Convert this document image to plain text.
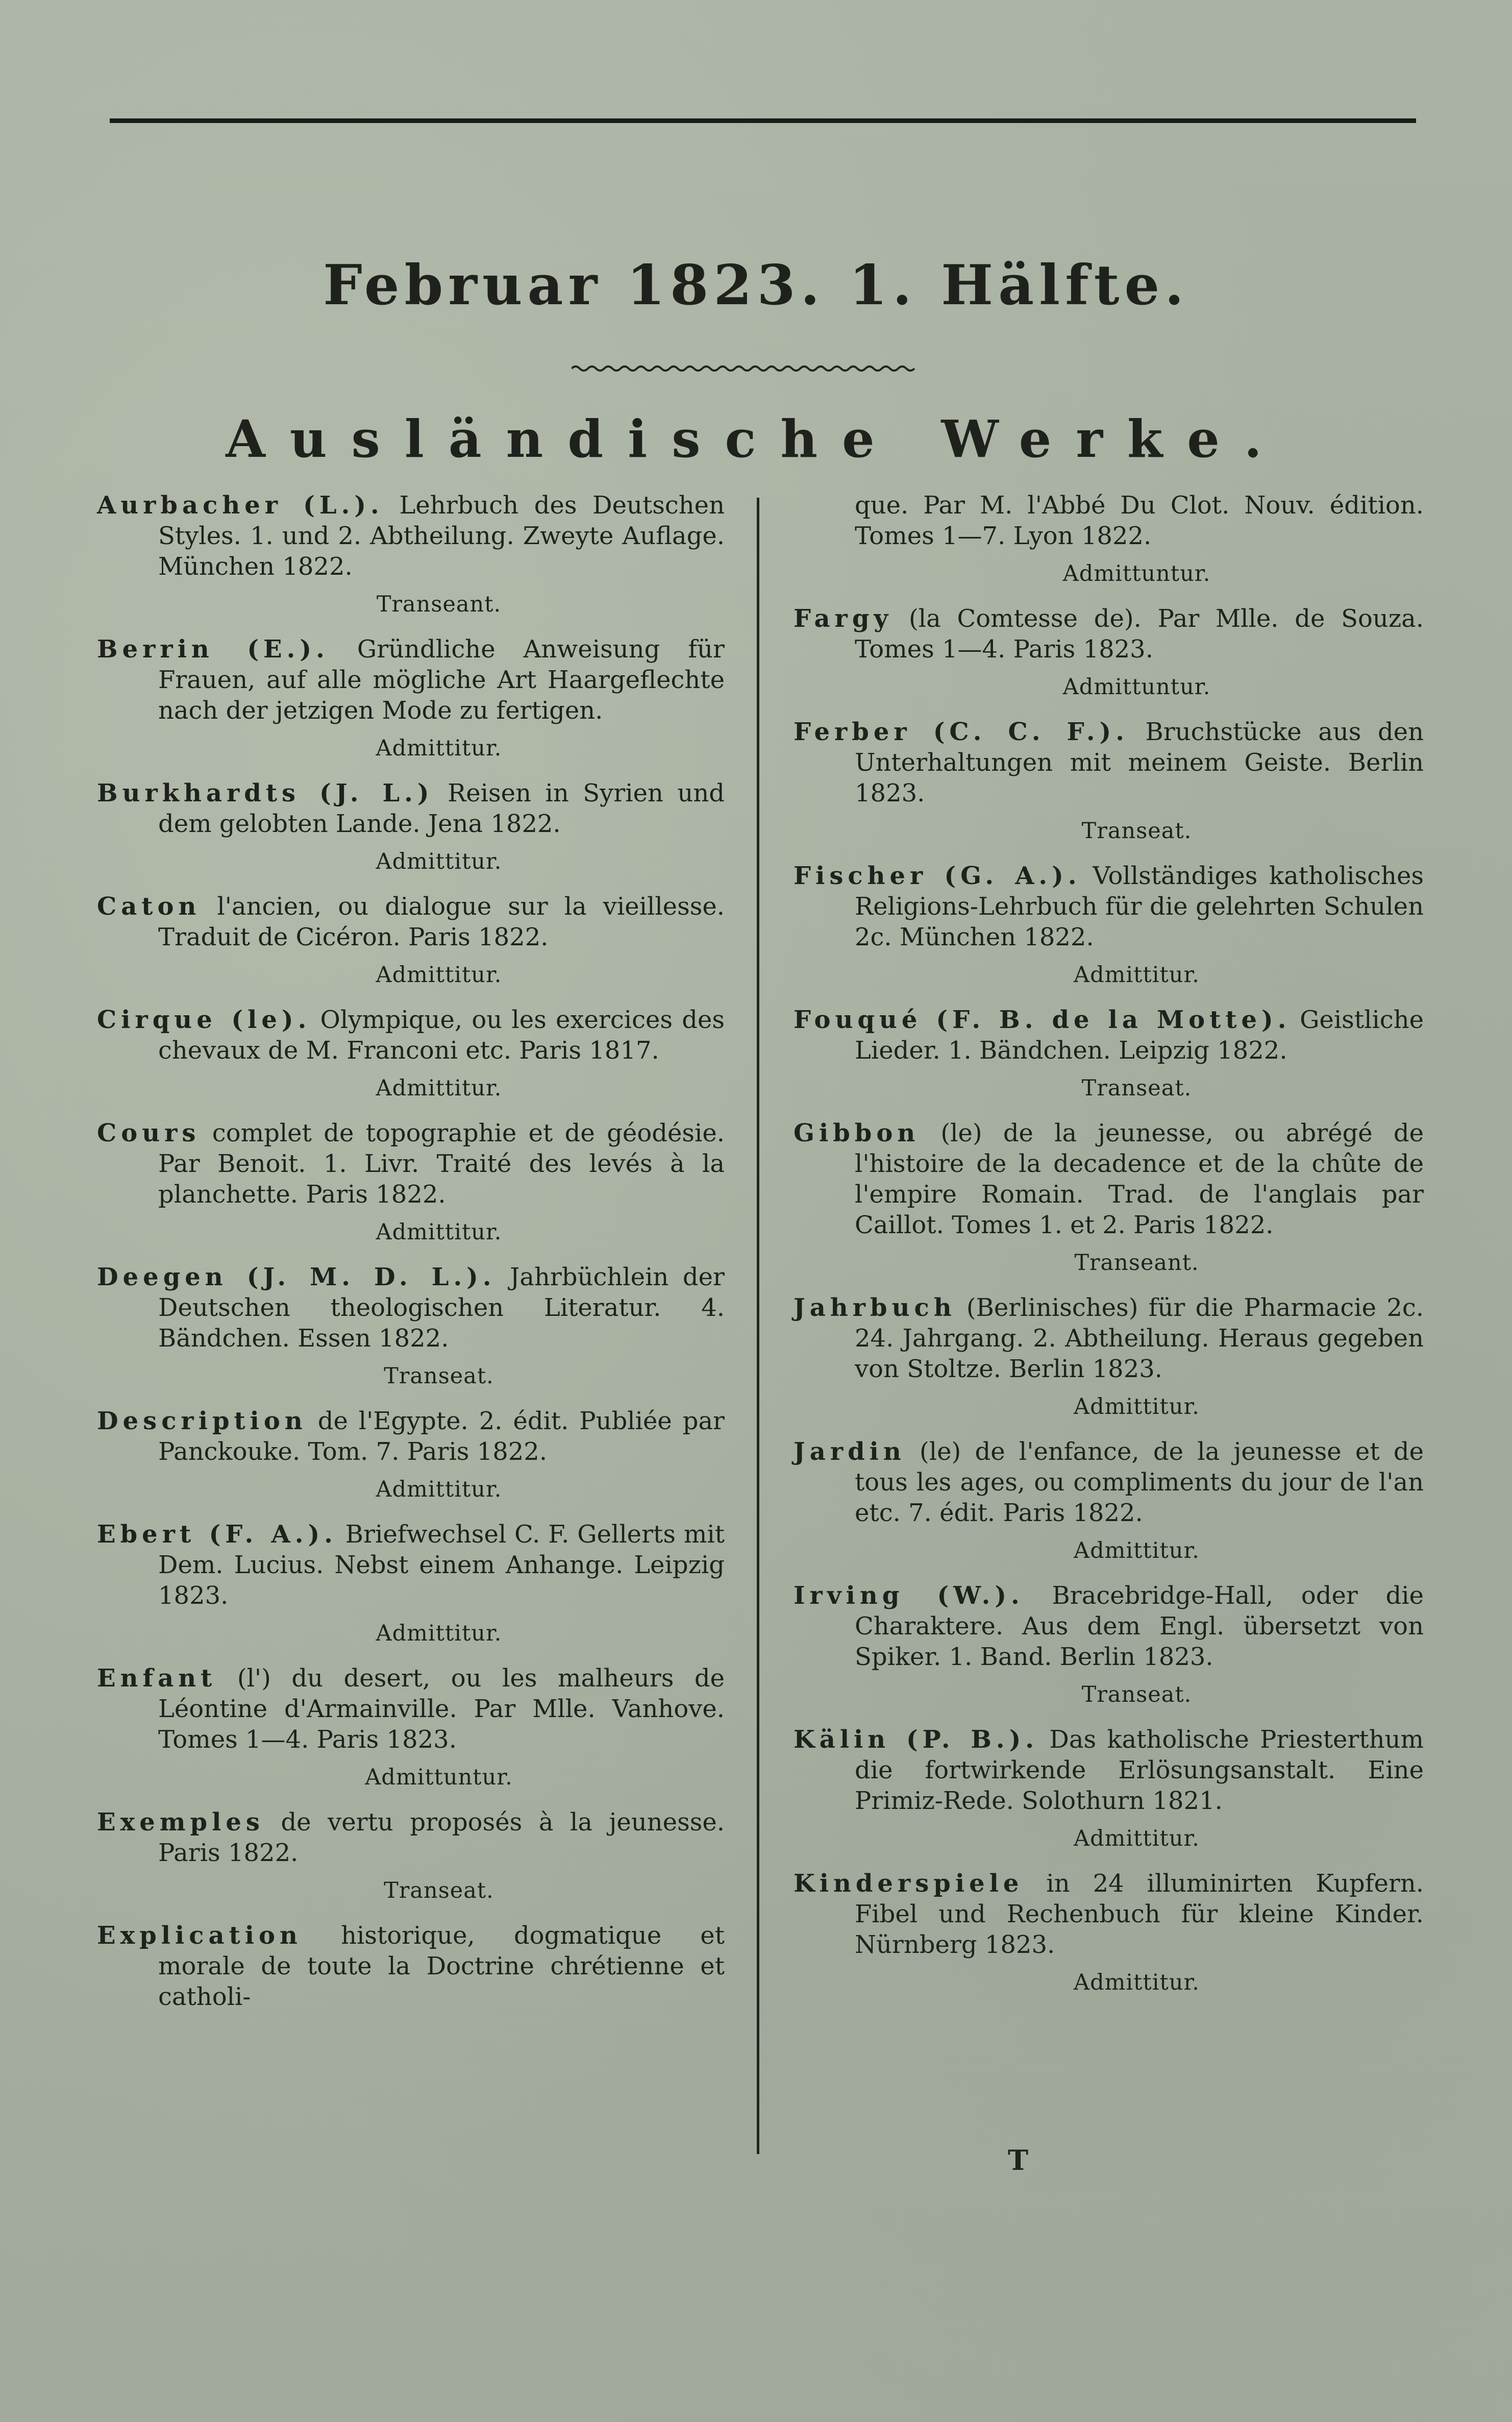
Februar 1823. 1. Hälfte.
Ausländische Werke.
Aurbacher (L.). Lehrbuch des Deutschen Styles. 1. und 2. Abtheilung. Zweyte Auflage. München 1822.
Transeant.
Berrin (E.). Gründliche Anweisung für Frauen, auf alle mögliche Art Haargeflechte nach der jetzigen Mode zu fertigen.
Admittitur.
Burkhardts (J. L.) Reisen in Syrien und dem gelobten Lande. Jena 1822.
Admittitur.
Caton l'ancien, ou dialogue sur la vieillesse. Traduit de Cicéron. Paris 1822.
Admittitur.
Cirque (le). Olympique, ou les exercices des chevaux de M. Franconi etc. Paris 1817.
Admittitur.
Cours complet de topographie et de géodésie. Par Benoit. 1. Livr. Traité des levés à la planchette. Paris 1822.
Admittitur.
Deegen (J. M. D. L.). Jahrbüchlein der Deutschen theologischen Literatur. 4. Bändchen. Essen 1822.
Transeat.
Description de l'Egypte. 2. édit. Publiée par Panckouke. Tom. 7. Paris 1822.
Admittitur.
Ebert (F. A.). Briefwechsel C. F. Gellerts mit Dem. Lucius. Nebst einem Anhange. Leipzig 1823.
Admittitur.
Enfant (l') du desert, ou les malheurs de Léontine d'Armainville. Par Mlle. Vanhove. Tomes 1—4. Paris 1823.
Admittuntur.
Exemples de vertu proposés à la jeunesse. Paris 1822.
Transeat.
Explication historique, dogmatique et morale de toute la Doctrine chrétienne et catholi-
que. Par M. l'Abbé Du Clot. Nouv. édition. Tomes 1—7. Lyon 1822.
Admittuntur.
Fargy (la Comtesse de). Par Mlle. de Souza. Tomes 1—4. Paris 1823.
Admittuntur.
Ferber (C. C. F.). Bruchstücke aus den Unterhaltungen mit meinem Geiste. Berlin 1823.
Transeat.
Fischer (G. A.). Vollständiges katholisches Religions-Lehrbuch für die gelehrten Schulen 2c. München 1822.
Admittitur.
Fouqué (F. B. de la Motte). Geistliche Lieder. 1. Bändchen. Leipzig 1822.
Transeat.
Gibbon (le) de la jeunesse, ou abrégé de l'histoire de la decadence et de la chûte de l'empire Romain. Trad. de l'anglais par Caillot. Tomes 1. et 2. Paris 1822.
Transeant.
Jahrbuch (Berlinisches) für die Pharmacie 2c. 24. Jahrgang. 2. Abtheilung. Heraus gegeben von Stoltze. Berlin 1823.
Admittitur.
Jardin (le) de l'enfance, de la jeunesse et de tous les ages, ou compliments du jour de l'an etc. 7. édit. Paris 1822.
Admittitur.
Irving (W.). Bracebridge-Hall, oder die Charaktere. Aus dem Engl. übersetzt von Spiker. 1. Band. Berlin 1823.
Transeat.
Kälin (P. B.). Das katholische Priesterthum die fortwirkende Erlösungsanstalt. Eine Primiz-Rede. Solothurn 1821.
Admittitur.
Kinderspiele in 24 illuminirten Kupfern. Fibel und Rechenbuch für kleine Kinder. Nürnberg 1823.
Admittitur.
T
